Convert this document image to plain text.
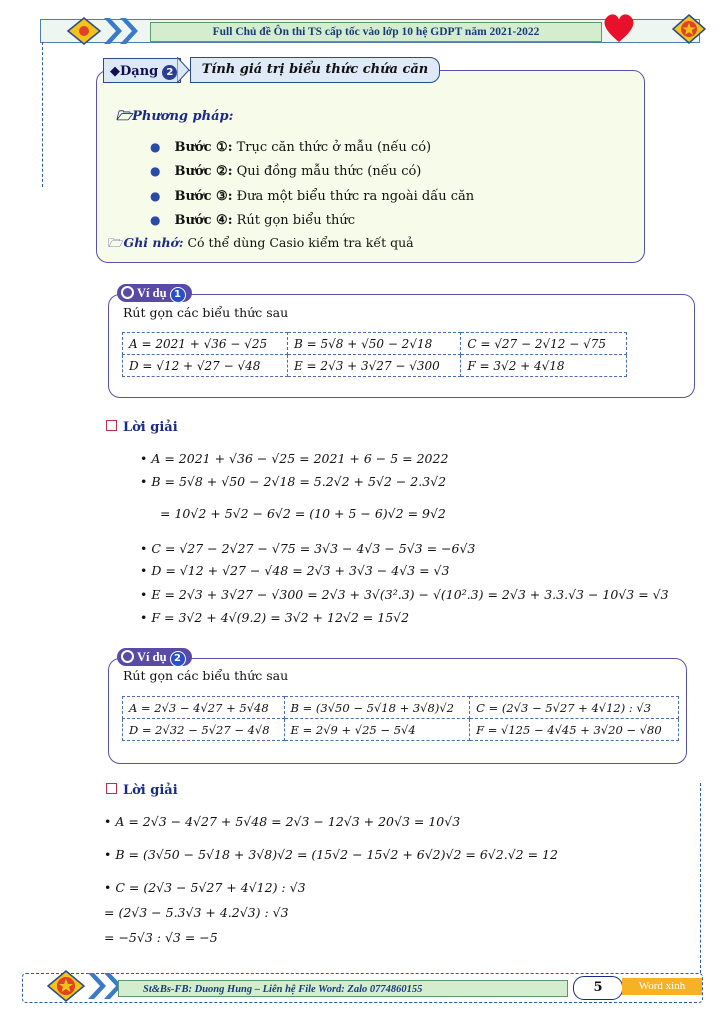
Full Chủ đề Ôn thi TS cấp tốc vào lớp 10 hệ GDPT năm 2021-2022
◆Dạng 2	Tính giá trị biểu thức chứa căn
🗁Phương pháp:
● Bước ①: Trục căn thức ở mẫu (nếu có)
● Bước ②: Qui đồng mẫu thức (nếu có)
● Bước ③: Đưa một biểu thức ra ngoài dấu căn
● Bước ④: Rút gọn biểu thức
🗁Ghi nhớ: Có thể dùng Casio kiểm tra kết quả
Ví dụ 1
Rút gọn các biểu thức sau
A = 2021 + √36 − √25	B = 5√8 + √50 − 2√18	C = √27 − 2√12 − √75
D = √12 + √27 − √48	E = 2√3 + 3√27 − √300	F = 3√2 + 4√18
Lời giải
• A = 2021 + √36 − √25 = 2021 + 6 − 5 = 2022
• B = 5√8 + √50 − 2√18 = 5.2√2 + 5√2 − 2.3√2
= 10√2 + 5√2 − 6√2 = (10 + 5 − 6)√2 = 9√2
• C = √27 − 2√27 − √75 = 3√3 − 4√3 − 5√3 = −6√3
• D = √12 + √27 − √48 = 2√3 + 3√3 − 4√3 = √3
• E = 2√3 + 3√27 − √300 = 2√3 + 3√(3².3) − √(10².3) = 2√3 + 3.3.√3 − 10√3 = √3
• F = 3√2 + 4√(9.2) = 3√2 + 12√2 = 15√2
Ví dụ 2
Rút gọn các biểu thức sau
A = 2√3 − 4√27 + 5√48	B = (3√50 − 5√18 + 3√8)√2	C = (2√3 − 5√27 + 4√12) : √3
D = 2√32 − 5√27 − 4√8	E = 2√9 + √25 − 5√4	F = √125 − 4√45 + 3√20 − √80
Lời giải
• A = 2√3 − 4√27 + 5√48 = 2√3 − 12√3 + 20√3 = 10√3
• B = (3√50 − 5√18 + 3√8)√2 = (15√2 − 15√2 + 6√2)√2 = 6√2.√2 = 12
• C = (2√3 − 5√27 + 4√12) : √3
= (2√3 − 5.3√3 + 4.2√3) : √3
= −5√3 : √3 = −5
St&Bs-FB: Duong Hung – Liên hệ File Word: Zalo 0774860155	5	Word xinh
